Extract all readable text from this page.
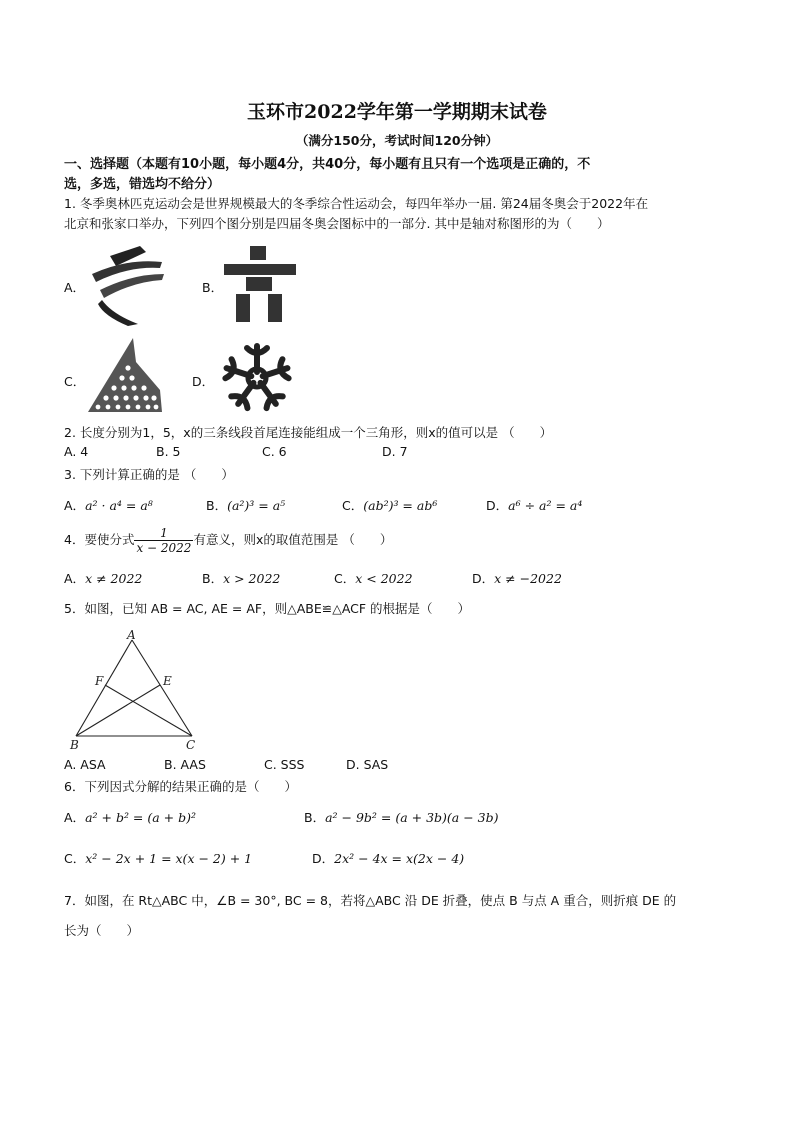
玉环市2022学年第一学期期末试卷
（满分150分，考试时间120分钟）
一、选择题（本题有10小题，每小题4分，共40分，每小题有且只有一个选项是正确的，不
选，多选，错选均不给分）
1. 冬季奥林匹克运动会是世界规模最大的冬季综合性运动会，每四年举办一届. 第24届冬奥会于2022年在
北京和张家口举办，下列四个图分别是四届冬奥会图标中的一部分. 其中是轴对称图形的为（　　）
A．	B．
C．	D．
2. 长度分别为1，5，x的三条线段首尾连接能组成一个三角形，则x的值可以是 （　　）
A. 4	B. 5	C. 6	D. 7
3. 下列计算正确的是 （　　）
A．a² · a⁴ = a⁸	B．(a²)³ = a⁵	C．(ab²)³ = ab⁶	D．a⁶ ÷ a² = a⁴
4．要使分式 $\frac{1}{x - 2022}$ 有意义，则x的取值范围是 （　　）
A．x ≠ 2022	B．x > 2022	C．x < 2022	D．x ≠ −2022
5．如图，已知 AB = AC, AE = AF，则△ABE≌△ACF 的根据是（　　）
A
F	E
B	C
A. ASA	B. AAS	C. SSS	D. SAS
6．下列因式分解的结果正确的是（　　）
A．a² + b² = (a + b)²	B．a² − 9b² = (a + 3b)(a − 3b)
C．x² − 2x + 1 = x(x − 2) + 1	D．2x² − 4x = x(2x − 4)
7．如图，在 Rt△ABC 中，∠B = 30°, BC = 8，若将△ABC 沿 DE 折叠，使点 B 与点 A 重合，则折痕 DE 的
长为（　　）
